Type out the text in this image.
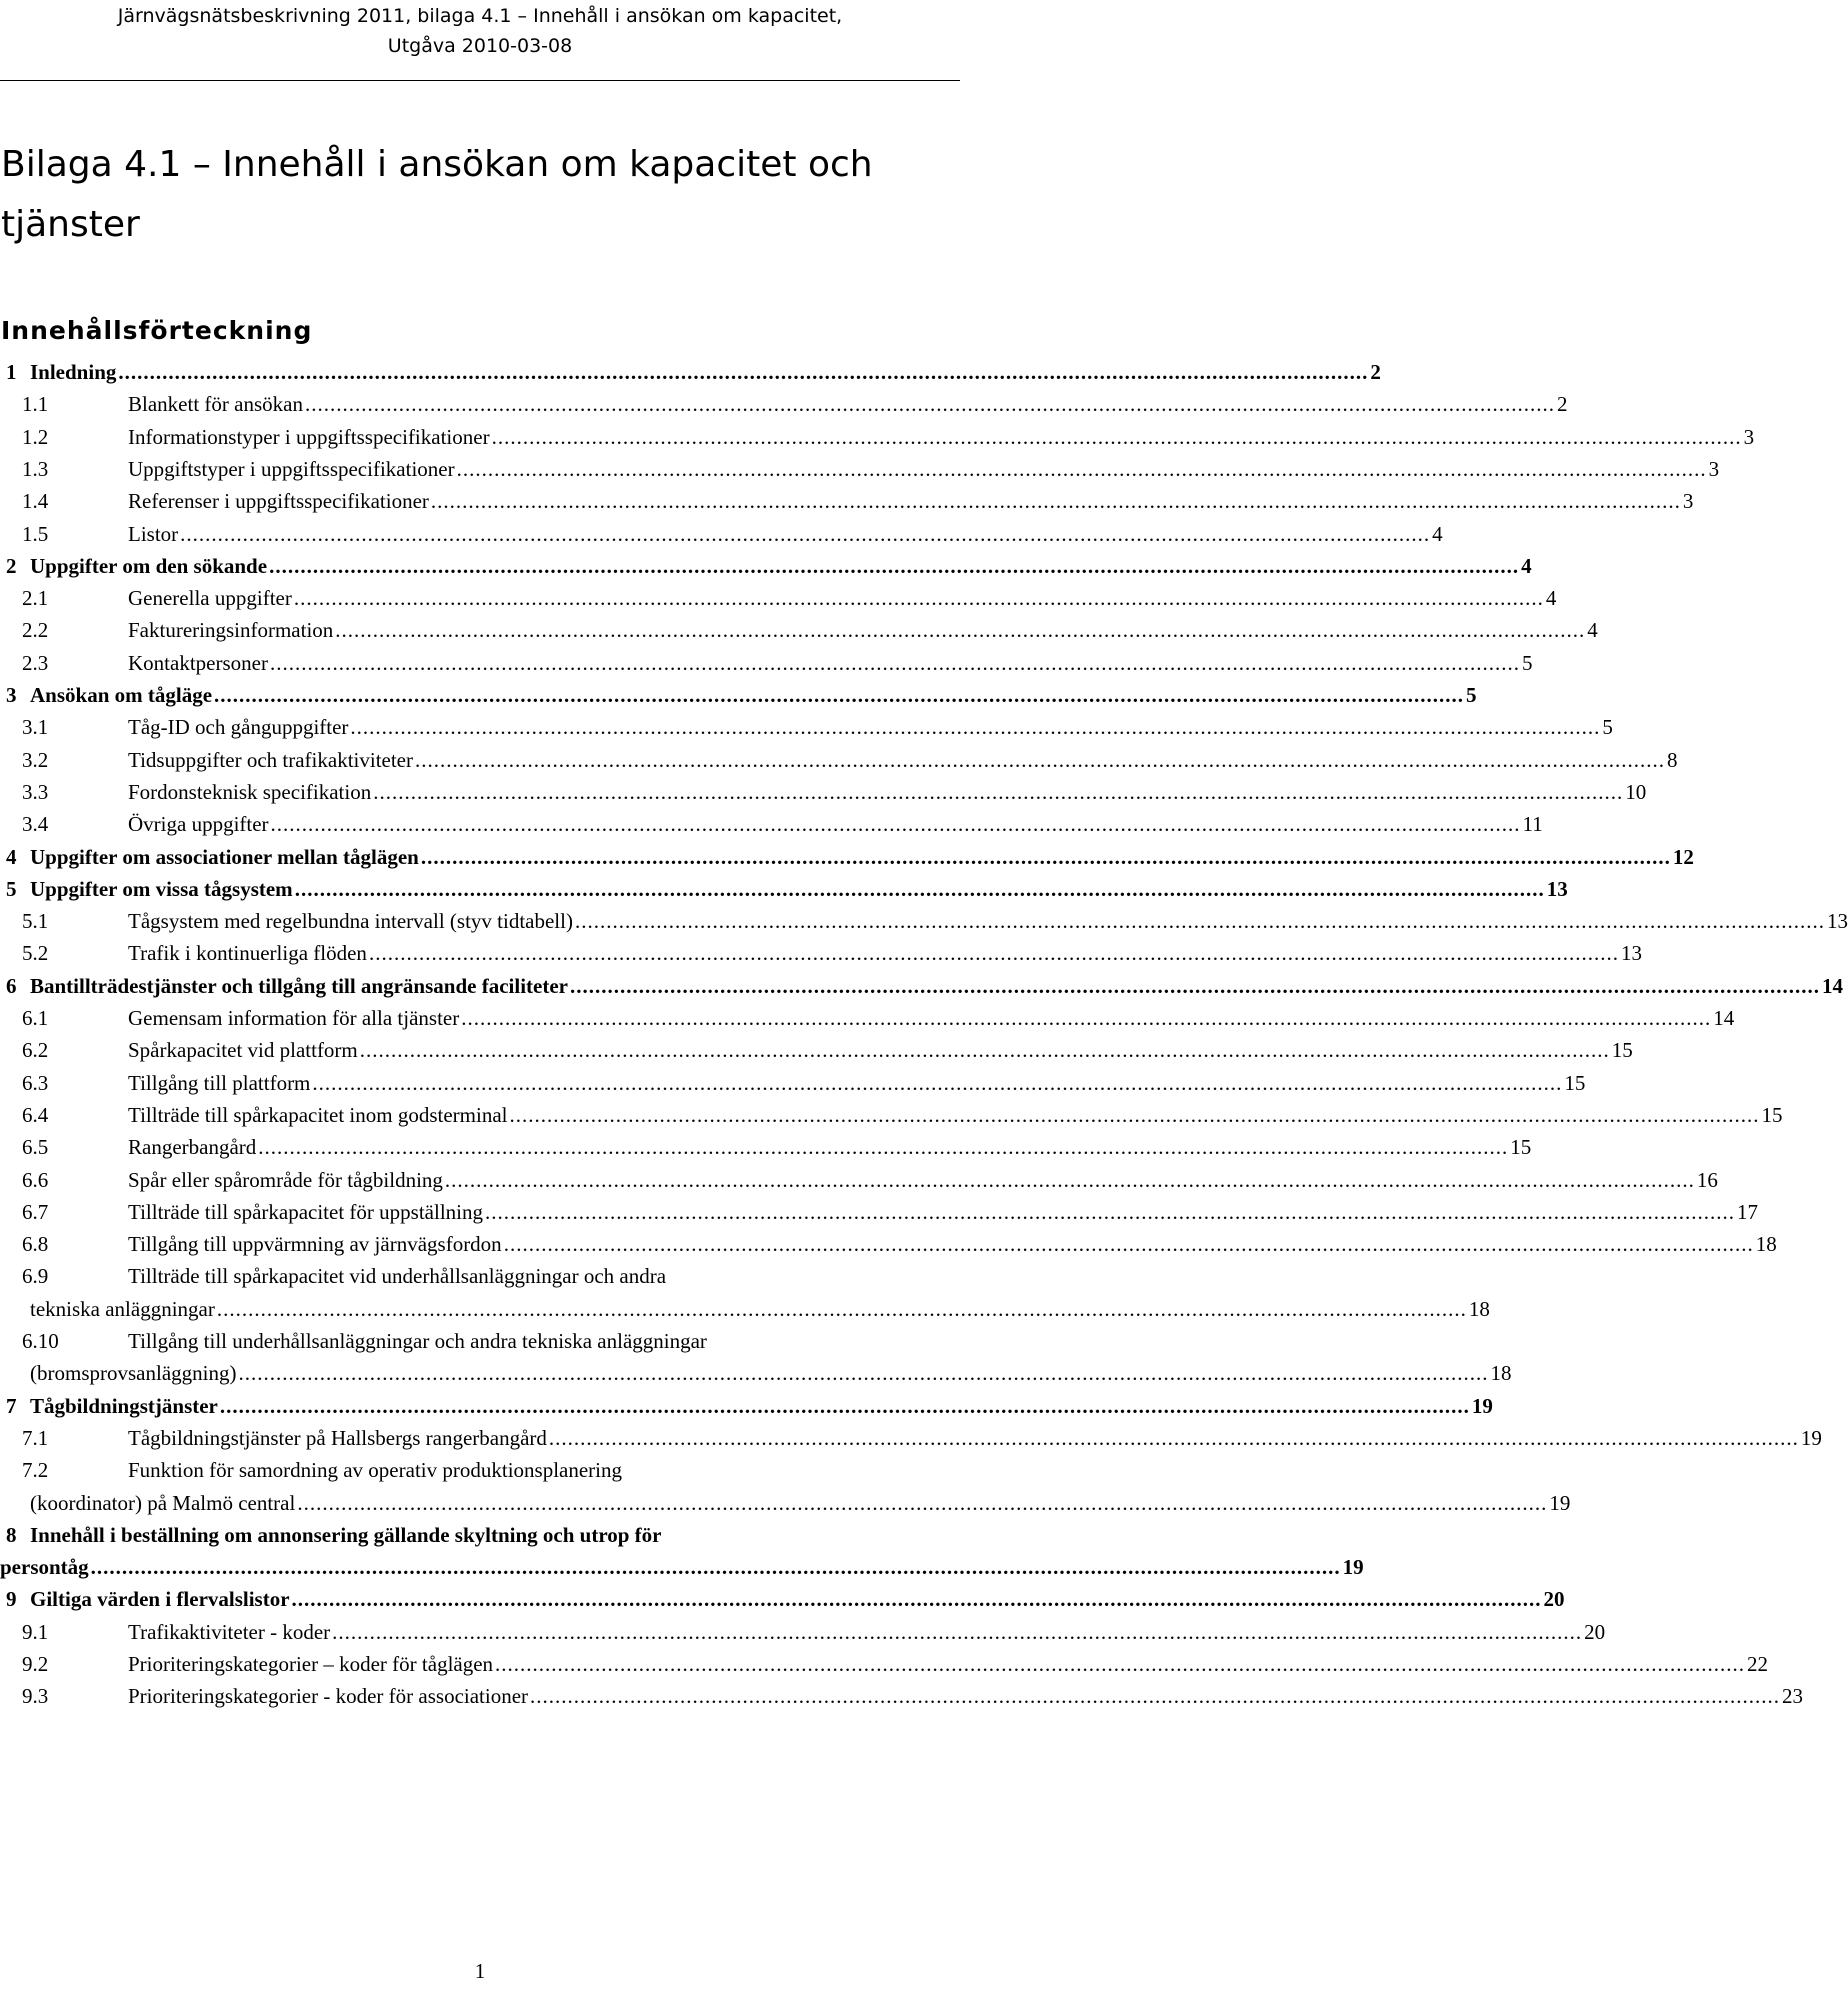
Järnvägsnätsbeskrivning 2011, bilaga 4.1 – Innehåll i ansökan om kapacitet,
Utgåva 2010-03-08
Bilaga 4.1 – Innehåll i ansökan om kapacitet och tjänster
Innehållsförteckning
1 Inledning ........................................................................................................................................................................................................ 2
1.1	Blankett för ansökan ........................................................................................................................................................................................................ 2
1.2	Informationstyper i uppgiftsspecifikationer ........................................................................................................................................................................................................ 3
1.3	Uppgiftstyper i uppgiftsspecifikationer ........................................................................................................................................................................................................ 3
1.4	Referenser i uppgiftsspecifikationer ........................................................................................................................................................................................................ 3
1.5	Listor ........................................................................................................................................................................................................ 4
2 Uppgifter om den sökande ........................................................................................................................................................................................................ 4
2.1	Generella uppgifter ........................................................................................................................................................................................................ 4
2.2	Faktureringsinformation ........................................................................................................................................................................................................ 4
2.3	Kontaktpersoner ........................................................................................................................................................................................................ 5
3 Ansökan om tågläge ........................................................................................................................................................................................................ 5
3.1	Tåg-ID och gånguppgifter ........................................................................................................................................................................................................ 5
3.2	Tidsuppgifter och trafikaktiviteter ........................................................................................................................................................................................................ 8
3.3	Fordonsteknisk specifikation ........................................................................................................................................................................................................ 10
3.4	Övriga uppgifter ........................................................................................................................................................................................................ 11
4 Uppgifter om associationer mellan tåglägen ........................................................................................................................................................................................................ 12
5 Uppgifter om vissa tågsystem ........................................................................................................................................................................................................ 13
5.1	Tågsystem med regelbundna intervall (styv tidtabell) ........................................................................................................................................................................................................ 13
5.2	Trafik i kontinuerliga flöden ........................................................................................................................................................................................................ 13
6 Bantillträdestjänster och tillgång till angränsande faciliteter ........................................................................................................................................................................................................ 14
6.1	Gemensam information för alla tjänster ........................................................................................................................................................................................................ 14
6.2	Spårkapacitet vid plattform ........................................................................................................................................................................................................ 15
6.3	Tillgång till plattform ........................................................................................................................................................................................................ 15
6.4	Tillträde till spårkapacitet inom godsterminal ........................................................................................................................................................................................................ 15
6.5	Rangerbangård ........................................................................................................................................................................................................ 15
6.6	Spår eller spårområde för tågbildning ........................................................................................................................................................................................................ 16
6.7	Tillträde till spårkapacitet för uppställning ........................................................................................................................................................................................................ 17
6.8	Tillgång till uppvärmning av järnvägsfordon ........................................................................................................................................................................................................ 18
6.9	Tillträde till spårkapacitet vid underhållsanläggningar och andra
tekniska anläggningar ........................................................................................................................................................................................................ 18
6.10	Tillgång till underhållsanläggningar och andra tekniska anläggningar
(bromsprovsanläggning) ........................................................................................................................................................................................................ 18
7 Tågbildningstjänster ........................................................................................................................................................................................................ 19
7.1	Tågbildningstjänster på Hallsbergs rangerbangård ........................................................................................................................................................................................................ 19
7.2	Funktion för samordning av operativ produktionsplanering
(koordinator) på Malmö central ........................................................................................................................................................................................................ 19
8 Innehåll i beställning om annonsering gällande skyltning och utrop för
persontåg ........................................................................................................................................................................................................ 19
9 Giltiga värden i flervalslistor ........................................................................................................................................................................................................ 20
9.1	Trafikaktiviteter - koder ........................................................................................................................................................................................................ 20
9.2	Prioriteringskategorier – koder för tåglägen ........................................................................................................................................................................................................ 22
9.3	Prioriteringskategorier - koder för associationer ........................................................................................................................................................................................................ 23
1
